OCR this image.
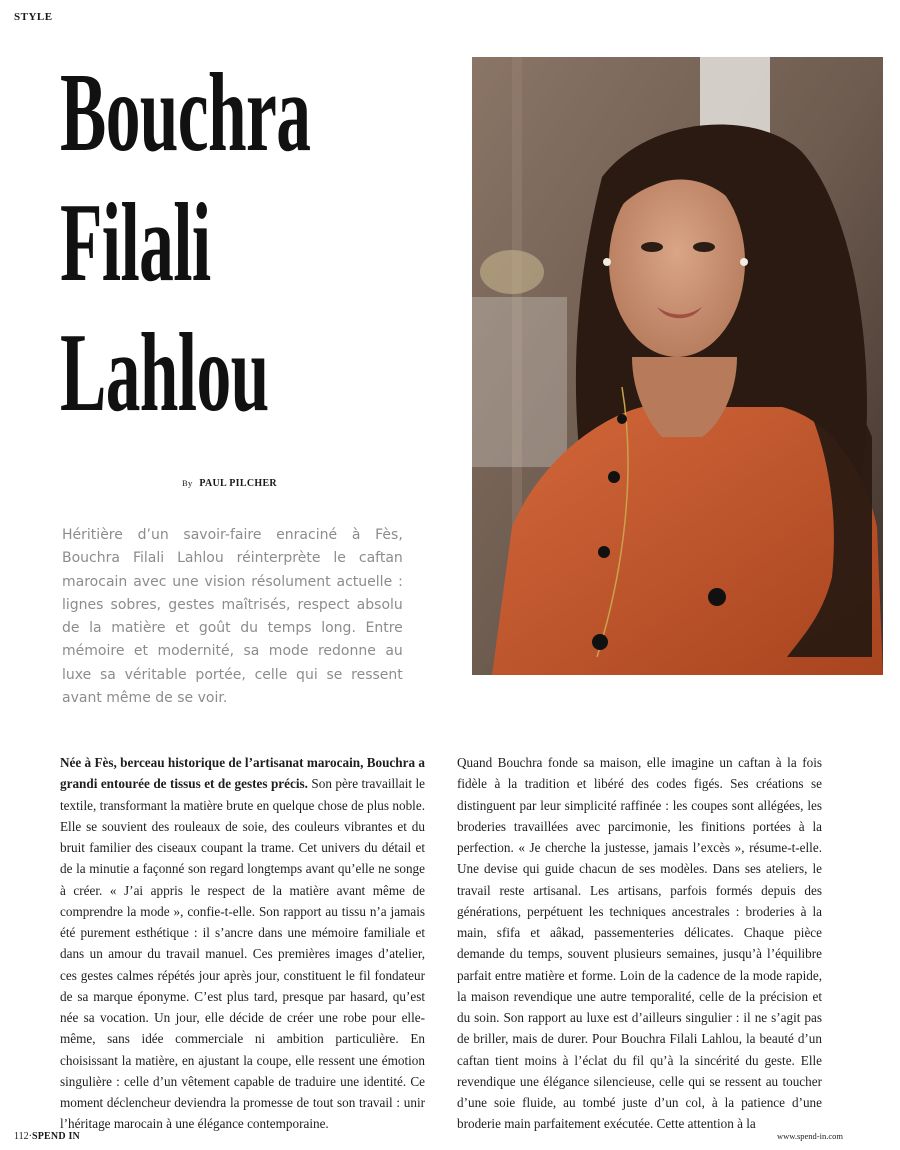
STYLE
Bouchra
Filali
Lahlou
By PAUL PILCHER
Héritière d’un savoir-faire enraciné à Fès, Bouchra Filali Lahlou réinterprète le caftan marocain avec une vision résolument actuelle : lignes sobres, gestes maîtrisés, respect absolu de la matière et goût du temps long. Entre mémoire et modernité, sa mode redonne au luxe sa véritable portée, celle qui se ressent avant même de se voir.

Née à Fès, berceau historique de l’artisanat marocain, Bouchra a grandi entourée de tissus et de gestes précis. Son père travaillait le textile, transformant la matière brute en quelque chose de plus noble. Elle se souvient des rouleaux de soie, des couleurs vibrantes et du bruit familier des ciseaux coupant la trame. Cet univers du détail et de la minutie a façonné son regard longtemps avant qu’elle ne songe à créer. « J’ai appris le respect de la matière avant même de comprendre la mode », confie-t-elle. Son rapport au tissu n’a jamais été purement esthétique : il s’ancre dans une mémoire familiale et dans un amour du travail manuel. Ces premières images d’atelier, ces gestes calmes répétés jour après jour, constituent le fil fondateur de sa marque éponyme. C’est plus tard, presque par hasard, qu’est née sa vocation. Un jour, elle décide de créer une robe pour elle-même, sans idée commerciale ni ambition particulière. En choisissant la matière, en ajustant la coupe, elle ressent une émotion singulière : celle d’un vêtement capable de traduire une identité. Ce moment déclencheur deviendra la promesse de tout son travail : unir l’héritage marocain à une élégance contemporaine.

Quand Bouchra fonde sa maison, elle imagine un caftan à la fois fidèle à la tradition et libéré des codes figés. Ses créations se distinguent par leur simplicité raffinée : les coupes sont allégées, les broderies travaillées avec parcimonie, les finitions portées à la perfection. « Je cherche la justesse, jamais l’excès », résume-t-elle. Une devise qui guide chacun de ses modèles. Dans ses ateliers, le travail reste artisanal. Les artisans, parfois formés depuis des générations, perpétuent les techniques ancestrales : broderies à la main, sfifa et aâkad, passementeries délicates. Chaque pièce demande du temps, souvent plusieurs semaines, jusqu’à l’équilibre parfait entre matière et forme. Loin de la cadence de la mode rapide, la maison revendique une autre temporalité, celle de la précision et du soin. Son rapport au luxe est d’ailleurs singulier : il ne s’agit pas de briller, mais de durer. Pour Bouchra Filali Lahlou, la beauté d’un caftan tient moins à l’éclat du fil qu’à la sincérité du geste. Elle revendique une élégance silencieuse, celle qui se ressent au toucher d’une soie fluide, au tombé juste d’un col, à la patience d’une broderie main parfaitement exécutée. Cette attention à la

112·SPEND IN	www.spend-in.com
